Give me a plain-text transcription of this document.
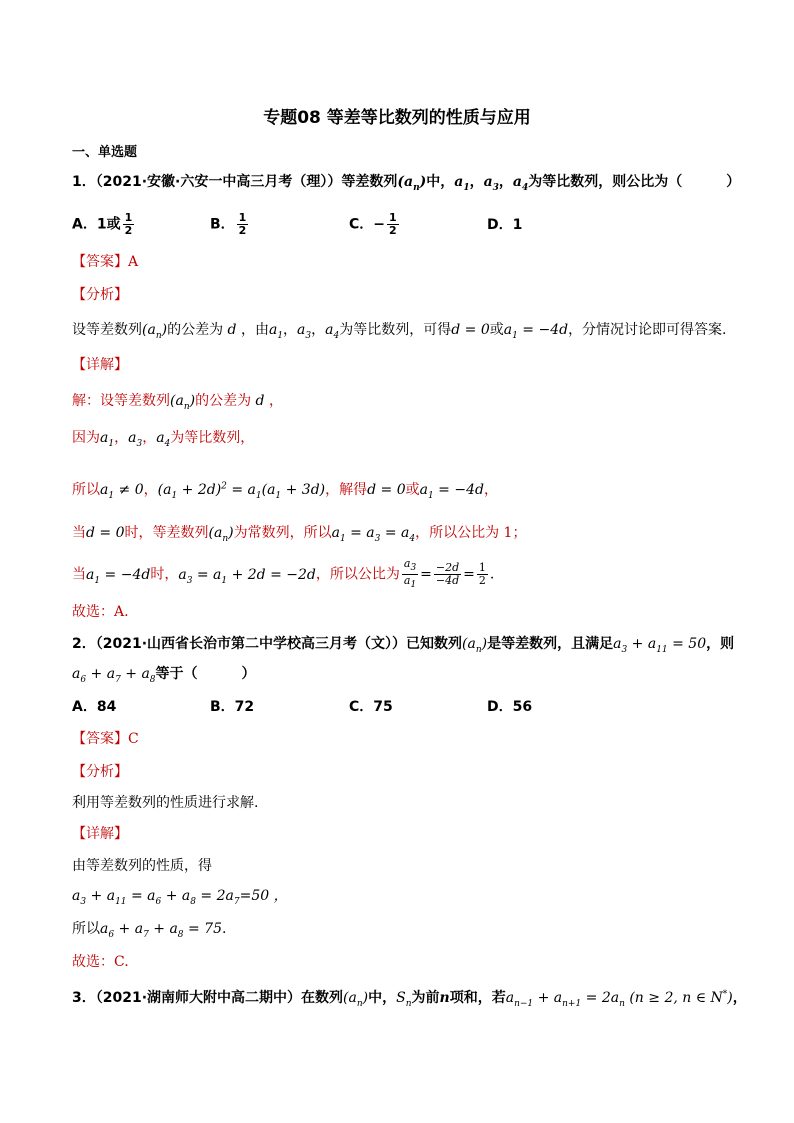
专题08 等差等比数列的性质与应用
一、单选题
1．（2021·安徽·六安一中高三月考（理））等差数列$(a_n)$中，$a_1$，$a_3$，$a_4$为等比数列，则公比为（	）
A．1或 $\frac{1}{2}$	B． $\frac{1}{2}$	C．− $\frac{1}{2}$	D．1
【答案】A
【分析】
设等差数列$(a_n)$的公差为 d ，由$a_1$，$a_3$，$a_4$为等比数列，可得d = 0或$a_1 = -4d$，分情况讨论即可得答案.
【详解】
解：设等差数列$(a_n)$的公差为 d ，
因为$a_1$，$a_3$，$a_4$为等比数列，
所以$a_1 \ne 0$，$(a_1 + 2d)^2 = a_1(a_1 + 3d)$，解得d = 0或$a_1 = -4d$，
当d = 0时，等差数列$(a_n)$为常数列，所以$a_1 = a_3 = a_4$，所以公比为 1；
当$a_1 = -4d$时，$a_3 = a_1 + 2d = -2d$，所以公比为 $\frac{a_3}{a_1} = \frac{-2d}{-4d} = \frac{1}{2}$ .
故选：A.
2．（2021·山西省长治市第二中学校高三月考（文））已知数列$(a_n)$是等差数列，且满足$a_3 + a_{11} = 50$，则
$a_6 + a_7 + a_8$等于（	）
A．84	B．72	C．75	D．56
【答案】C
【分析】
利用等差数列的性质进行求解.
【详解】
由等差数列的性质，得
$a_3 + a_{11} = a_6 + a_8 = 2a_7=50$ ，
所以$a_6 + a_7 + a_8 = 75$.
故选：C.
3．（2021·湖南师大附中高二期中）在数列$(a_n)$中，$S_n$为前n项和，若$a_{n-1} + a_{n+1} = 2a_n$ (n ≥ 2, n ∈ N*)，
